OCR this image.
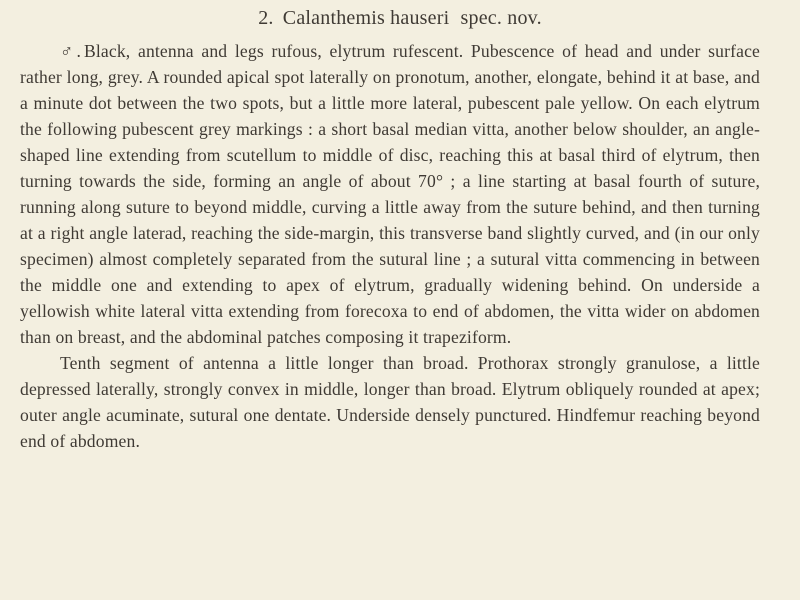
2. Calanthemis hauseri spec. nov.

♂. Black, antenna and legs rufous, elytrum rufescent. Pubescence of head and under surface rather long, grey. A rounded apical spot laterally on pronotum, another, elongate, behind it at base, and a minute dot between the two spots, but a little more lateral, pubescent pale yellow. On each elytrum the following pubescent grey markings : a short basal median vitta, another below shoulder, an angle-shaped line extending from scutellum to middle of disc, reaching this at basal third of elytrum, then turning towards the side, forming an angle of about 70° ; a line starting at basal fourth of suture, running along suture to beyond middle, curving a little away from the suture behind, and then turning at a right angle laterad, reaching the side-margin, this transverse band slightly curved, and (in our only specimen) almost completely separated from the sutural line ; a sutural vitta commencing in between the middle one and extending to apex of elytrum, gradually widening behind. On underside a yellowish white lateral vitta extending from forecoxa to end of abdomen, the vitta wider on abdomen than on breast, and the abdominal patches composing it trapeziform.

Tenth segment of antenna a little longer than broad. Prothorax strongly granulose, a little depressed laterally, strongly convex in middle, longer than broad. Elytrum obliquely rounded at apex; outer angle acuminate, sutural one dentate. Underside densely punctured. Hindfemur reaching beyond end of abdomen.
